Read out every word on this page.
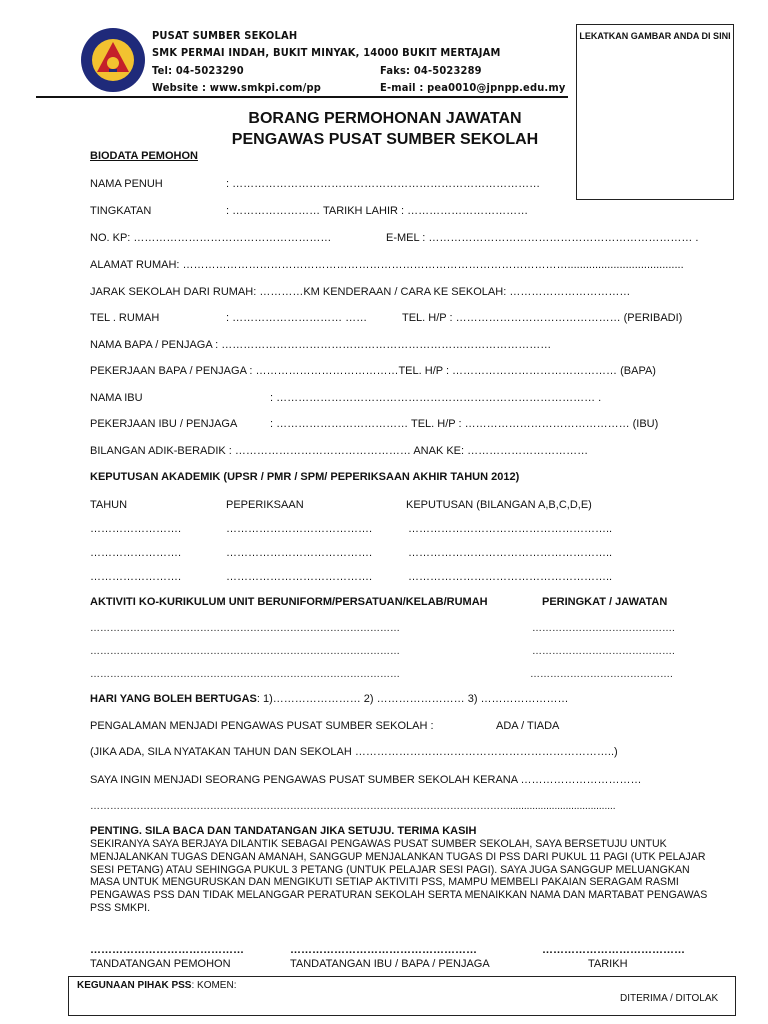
PUSAT SUMBER SEKOLAH
SMK PERMAI INDAH, BUKIT MINYAK, 14000 BUKIT MERTAJAM
Tel: 04-5023290	Faks: 04-5023289
Website : www.smkpi.com/pp	E-mail : pea0010@jpnpp.edu.my
LEKATKAN GAMBAR ANDA DI SINI
BORANG PERMOHONAN JAWATAN
PENGAWAS PUSAT SUMBER SEKOLAH
BIODATA PEMOHON
NAMA PENUH	: …………………………………………………………………………
TINGKATAN	: …………………… TARIKH LAHIR : ……………………………
NO. KP: ………………………………………………	E-MEL : ……………………………………………………………… .
ALAMAT RUMAH: ……………………………………………………………………………………………......................................
JARAK SEKOLAH DARI RUMAH: …………KM KENDERAAN / CARA KE SEKOLAH: ……………………………
TEL . RUMAH	: ………………………… ……	TEL. H/P : ……………………………………… (PERIBADI)
NAMA BAPA / PENJAGA : ………………………………………………………………………………
PEKERJAAN BAPA / PENJAGA : …………………………………TEL. H/P : ……………………………………… (BAPA)
NAMA IBU	: …………………………………………………………………………… .
PEKERJAAN IBU / PENJAGA	: ……………………………… TEL. H/P : ……………………………………… (IBU)
BILANGAN ADIK-BERADIK : ………………………………………… ANAK KE: ……………………………
KEPUTUSAN AKADEMIK (UPSR / PMR / SPM/ PEPERIKSAAN AKHIR TAHUN 2012)
TAHUN	PEPERIKSAAN	KEPUTUSAN (BILANGAN A,B,C,D,E)
…………………….	………………………………….	………………………………………………..
…………………….	………………………………….	………………………………………………..
…………………….	………………………………….	………………………………………………..
AKTIVITI KO-KURIKULUM UNIT BERUNIFORM/PERSATUAN/KELAB/RUMAH	PERINGKAT / JAWATAN
…………………………………………………………………………………	…………………………………….
…………………………………………………………………………………	…………………………………….
…………………………………………………………………………………	…………………………………….
HARI YANG BOLEH BERTUGAS: 1)…………………… 2) …………………… 3) ……………………
PENGALAMAN MENJADI PENGAWAS PUSAT SUMBER SEKOLAH :	ADA / TIADA
(JIKA ADA, SILA NYATAKAN TAHUN DAN SEKOLAH ……………………………………………………………..)
SAYA INGIN MENJADI SEORANG PENGAWAS PUSAT SUMBER SEKOLAH KERANA ……………………………
………………………………………………………………………………………………………………......................................
PENTING. SILA BACA DAN TANDATANGAN JIKA SETUJU. TERIMA KASIH
SEKIRANYA SAYA BERJAYA DILANTIK SEBAGAI PENGAWAS PUSAT SUMBER SEKOLAH, SAYA BERSETUJU UNTUK MENJALANKAN TUGAS DENGAN AMANAH, SANGGUP MENJALANKAN TUGAS DI PSS DARI PUKUL 11 PAGI (UTK PELAJAR SESI PETANG) ATAU SEHINGGA PUKUL 3 PETANG (UNTUK PELAJAR SESI PAGI). SAYA JUGA SANGGUP MELUANGKAN MASA UNTUK MENGURUSKAN DAN MENGIKUTI SETIAP AKTIVITI PSS, MAMPU MEMBELI PAKAIAN SERAGAM RASMI PENGAWAS PSS DAN TIDAK MELANGGAR PERATURAN SEKOLAH SERTA MENAIKKAN NAMA DAN MARTABAT PENGAWAS PSS SMKPI.
……………………………………	……………………………………………	…………………………………
TANDATANGAN PEMOHON	TANDATANGAN IBU / BAPA / PENJAGA	TARIKH
KEGUNAAN PIHAK PSS: KOMEN:
DITERIMA / DITOLAK
